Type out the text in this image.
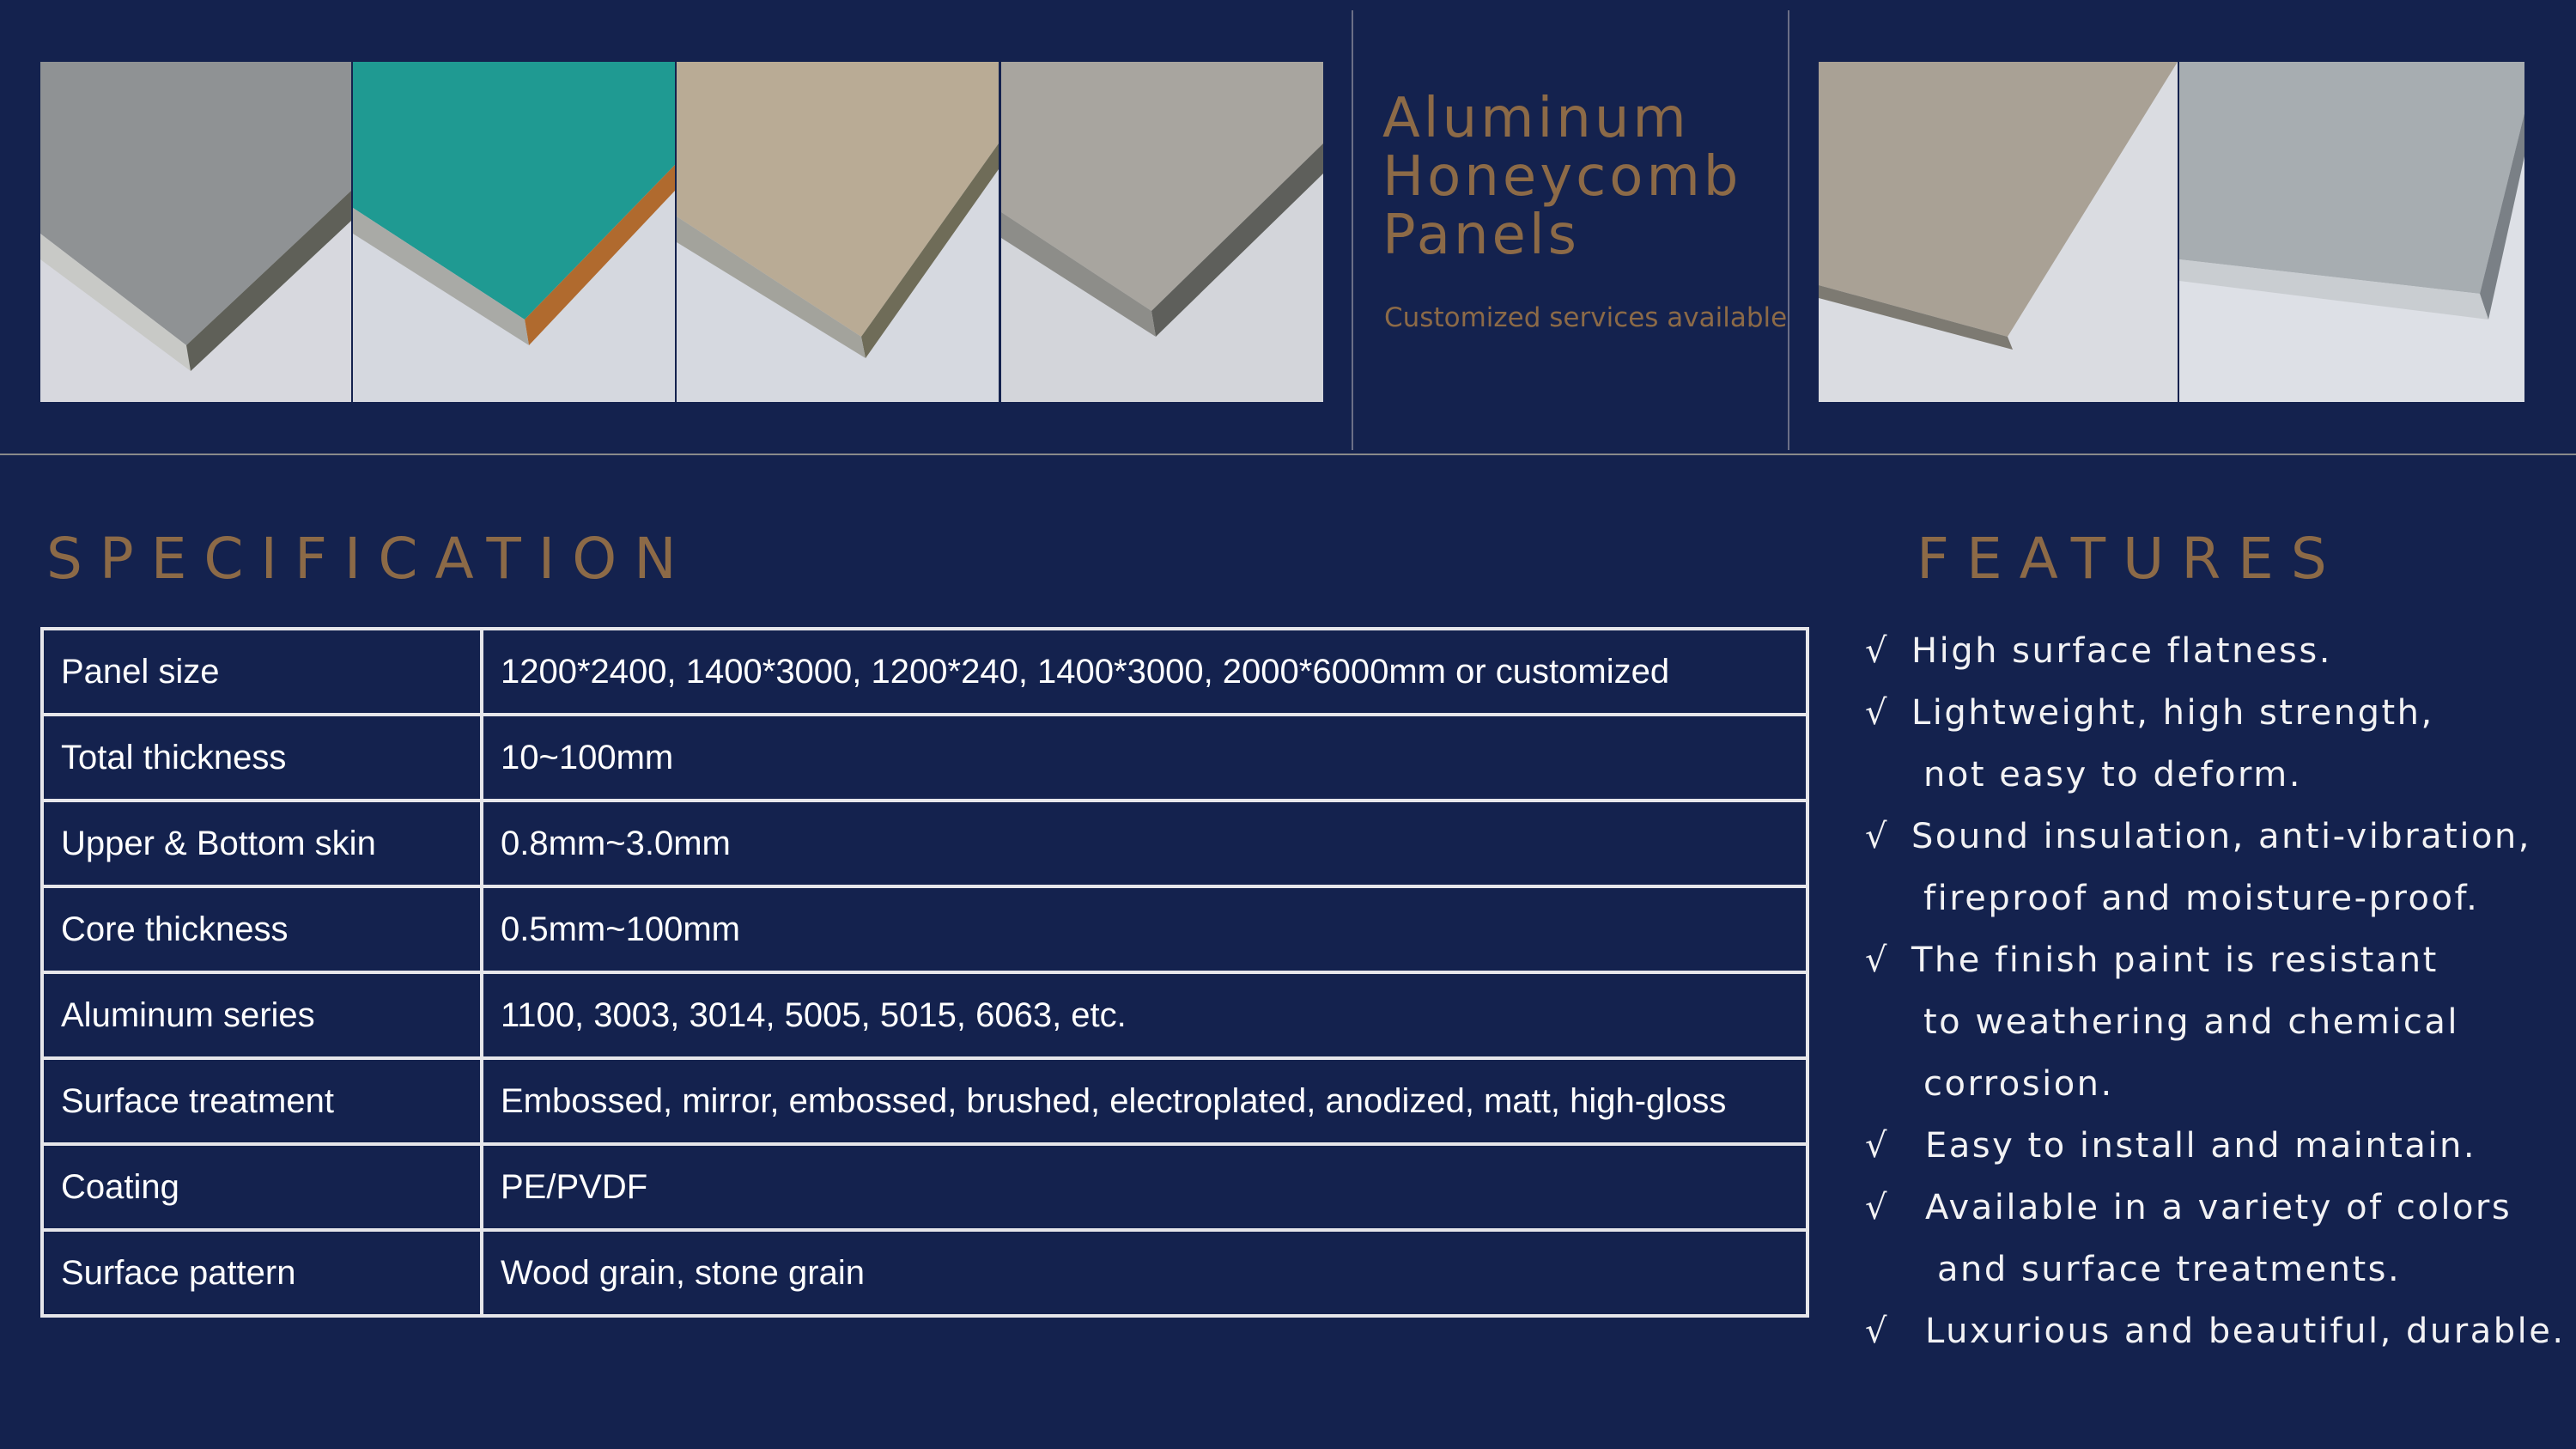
Aluminum
Honeycomb
Panels
Customized services available
SPECIFICATION
Panel size	1200*2400, 1400*3000, 1200*240, 1400*3000, 2000*6000mm or customized
Total thickness	10~100mm
Upper & Bottom skin	0.8mm~3.0mm
Core thickness	0.5mm~100mm
Aluminum series	1100, 3003, 3014, 5005, 5015, 6063, etc.
Surface treatment	Embossed, mirror, embossed, brushed, electroplated, anodized, matt, high-gloss
Coating	PE/PVDF
Surface pattern	Wood grain, stone grain
FEATURES
√ High surface flatness.
√ Lightweight, high strength,
not easy to deform.
√ Sound insulation, anti-vibration,
fireproof and moisture-proof.
√ The finish paint is resistant
to weathering and chemical
corrosion.
√ Easy to install and maintain.
√ Available in a variety of colors
and surface treatments.
√ Luxurious and beautiful, durable.
